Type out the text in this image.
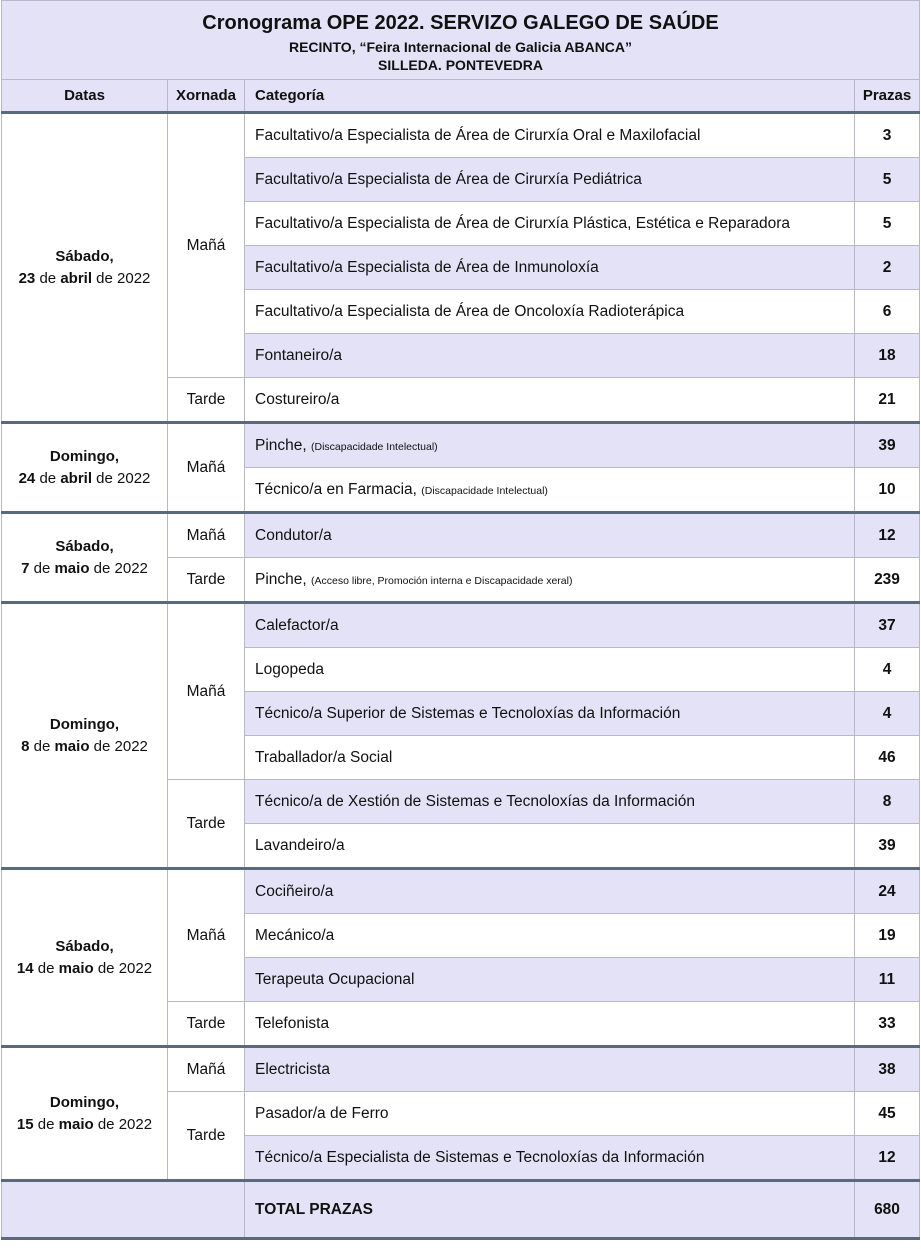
Cronograma OPE 2022. SERVIZO GALEGO DE SAÚDE			
RECINTO, “Feira Internacional de Galicia ABANCA”			
SILLEDA. PONTEVEDRA			
Datas	Xornada	Categoría	Prazas
Sábado,
23 de abril de 2022	Mañá	Facultativo/a Especialista de Área de Cirurxía Oral e Maxilofacial	3
		Facultativo/a Especialista de Área de Cirurxía Pediátrica	5
		Facultativo/a Especialista de Área de Cirurxía Plástica, Estética e Reparadora	5
		Facultativo/a Especialista de Área de Inmunoloxía	2
		Facultativo/a Especialista de Área de Oncoloxía Radioterápica	6
		Fontaneiro/a	18
	Tarde	Costureiro/a	21
Domingo,
24 de abril de 2022	Mañá	Pinche, (Discapacidade Intelectual)	39
		Técnico/a en Farmacia, (Discapacidade Intelectual)	10
Sábado,
7 de maio de 2022	Mañá	Condutor/a	12
	Tarde	Pinche, (Acceso libre, Promoción interna e Discapacidade xeral)	239
Domingo,
8 de maio de 2022	Mañá	Calefactor/a	37
		Logopeda	4
		Técnico/a Superior de Sistemas e Tecnoloxías da Información	4
		Traballador/a Social	46
	Tarde	Técnico/a de Xestión de Sistemas e Tecnoloxías da Información	8
		Lavandeiro/a	39
Sábado,
14 de maio de 2022	Mañá	Cociñeiro/a	24
		Mecánico/a	19
		Terapeuta Ocupacional	11
	Tarde	Telefonista	33
Domingo,
15 de maio de 2022	Mañá	Electricista	38
	Tarde	Pasador/a de Ferro	45
		Técnico/a Especialista de Sistemas e Tecnoloxías da Información	12
		TOTAL PRAZAS	680
